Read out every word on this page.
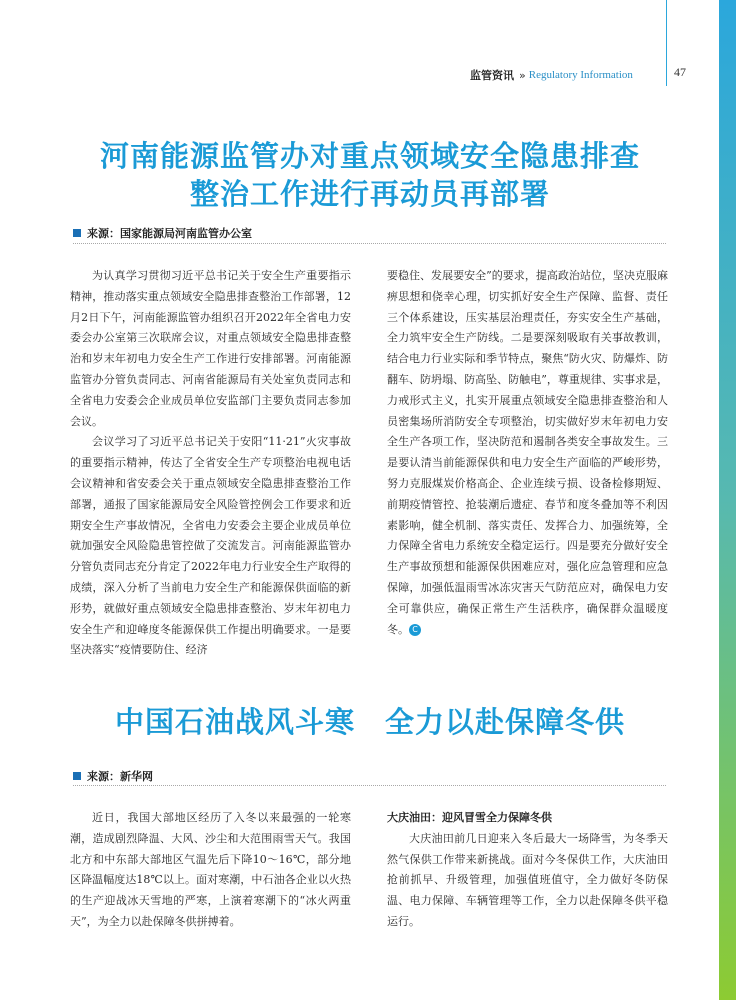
监管资讯 » Regulatory Information	47
河南能源监管办对重点领域安全隐患排查
整治工作进行再动员再部署
来源：国家能源局河南监管办公室

为认真学习贯彻习近平总书记关于安全生产重要指示精神，推动落实重点领域安全隐患排查整治工作部署，12月2日下午，河南能源监管办组织召开2022年全省电力安委会办公室第三次联席会议，对重点领域安全隐患排查整治和岁末年初电力安全生产工作进行安排部署。河南能源监管办分管负责同志、河南省能源局有关处室负责同志和全省电力安委会企业成员单位安监部门主要负责同志参加会议。

会议学习了习近平总书记关于安阳“11·21”火灾事故的重要指示精神，传达了全省安全生产专项整治电视电话会议精神和省安委会关于重点领域安全隐患排查整治工作部署，通报了国家能源局安全风险管控例会工作要求和近期安全生产事故情况，全省电力安委会主要企业成员单位就加强安全风险隐患管控做了交流发言。河南能源监管办分管负责同志充分肯定了2022年电力行业安全生产取得的成绩，深入分析了当前电力安全生产和能源保供面临的新形势，就做好重点领域安全隐患排查整治、岁末年初电力安全生产和迎峰度冬能源保供工作提出明确要求。一是要坚决落实“疫情要防住、经济

要稳住、发展要安全”的要求，提高政治站位，坚决克服麻痹思想和侥幸心理，切实抓好安全生产保障、监督、责任三个体系建设，压实基层治理责任，夯实安全生产基础，全力筑牢安全生产防线。二是要深刻吸取有关事故教训，结合电力行业实际和季节特点，聚焦“防火灾、防爆炸、防翻车、防坍塌、防高坠、防触电”，尊重规律、实事求是，力戒形式主义，扎实开展重点领域安全隐患排查整治和人员密集场所消防安全专项整治，切实做好岁末年初电力安全生产各项工作，坚决防范和遏制各类安全事故发生。三是要认清当前能源保供和电力安全生产面临的严峻形势，努力克服煤炭价格高企、企业连续亏损、设备检修期短、前期疫情管控、抢装潮后遗症、春节和度冬叠加等不利因素影响，健全机制、落实责任、发挥合力、加强统筹，全力保障全省电力系统安全稳定运行。四是要充分做好安全生产事故预想和能源保供困难应对，强化应急管理和应急保障，加强低温雨雪冰冻灾害天气防范应对，确保电力安全可靠供应，确保正常生产生活秩序，确保群众温暖度冬。 C

中国石油战风斗寒　全力以赴保障冬供
来源：新华网

近日，我国大部地区经历了入冬以来最强的一轮寒潮，造成剧烈降温、大风、沙尘和大范围雨雪天气。我国北方和中东部大部地区气温先后下降10～16℃，部分地区降温幅度达18℃以上。面对寒潮，中石油各企业以火热的生产迎战冰天雪地的严寒，上演着寒潮下的“冰火两重天”，为全力以赴保障冬供拼搏着。

大庆油田：迎风冒雪全力保障冬供

大庆油田前几日迎来入冬后最大一场降雪，为冬季天然气保供工作带来新挑战。面对今冬保供工作，大庆油田抢前抓早、升级管理，加强值班值守，全力做好冬防保温、电力保障、车辆管理等工作，全力以赴保障冬供平稳运行。
